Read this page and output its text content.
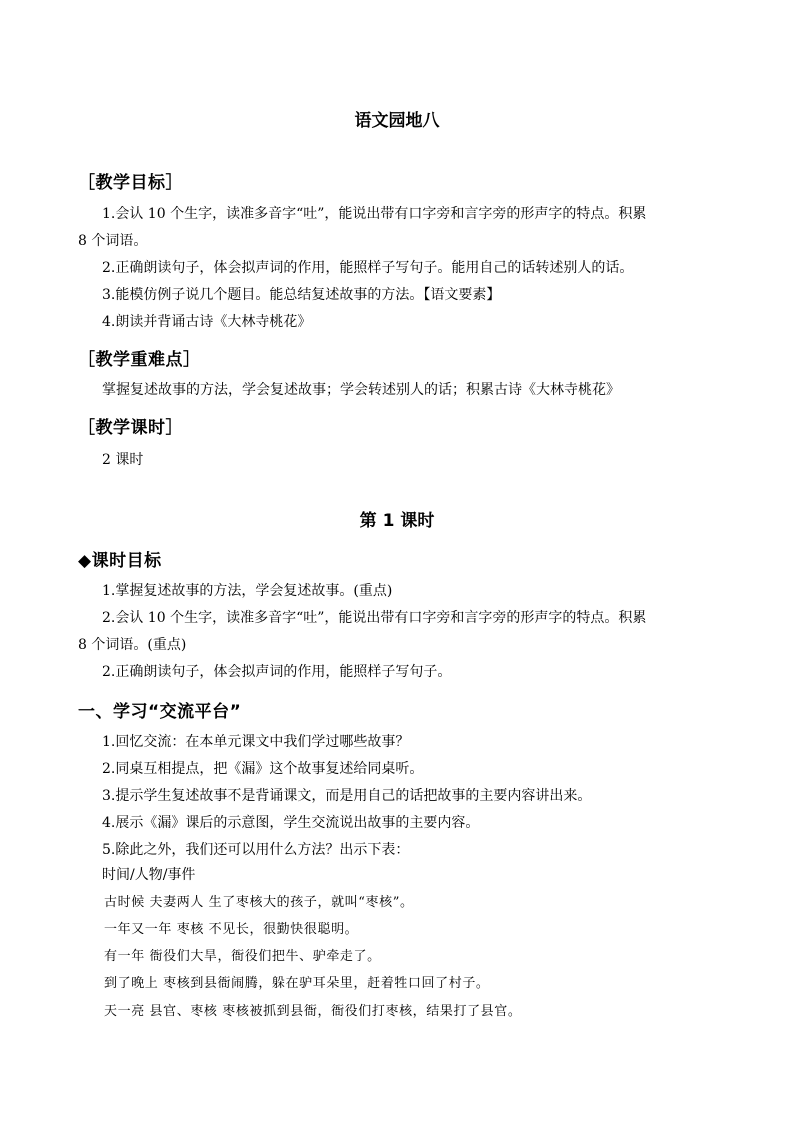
语文园地八
［教学目标］
1.会认 10 个生字，读准多音字“吐”，能说出带有口字旁和言字旁的形声字的特点。积累
8 个词语。
2.正确朗读句子，体会拟声词的作用，能照样子写句子。能用自己的话转述别人的话。
3.能模仿例子说几个题目。能总结复述故事的方法。【语文要素】
4.朗读并背诵古诗《大林寺桃花》
［教学重难点］
掌握复述故事的方法，学会复述故事；学会转述别人的话；积累古诗《大林寺桃花》
［教学课时］
2 课时
第 1 课时
◆课时目标
1.掌握复述故事的方法，学会复述故事。(重点)
2.会认 10 个生字，读准多音字“吐”，能说出带有口字旁和言字旁的形声字的特点。积累
8 个词语。(重点)
2.正确朗读句子，体会拟声词的作用，能照样子写句子。
一、学习“交流平台”
1.回忆交流：在本单元课文中我们学过哪些故事？
2.同桌互相提点，把《漏》这个故事复述给同桌听。
3.提示学生复述故事不是背诵课文，而是用自己的话把故事的主要内容讲出来。
4.展示《漏》课后的示意图，学生交流说出故事的主要内容。
5.除此之外，我们还可以用什么方法？出示下表：
时间/人物/事件
古时候 夫妻两人 生了枣核大的孩子，就叫“枣核”。
一年又一年 枣核 不见长，很勤快很聪明。
有一年 衙役们大旱，衙役们把牛、驴牵走了。
到了晚上 枣核到县衙闹腾，躲在驴耳朵里，赶着牲口回了村子。
天一亮 县官、枣核 枣核被抓到县衙，衙役们打枣核，结果打了县官。
